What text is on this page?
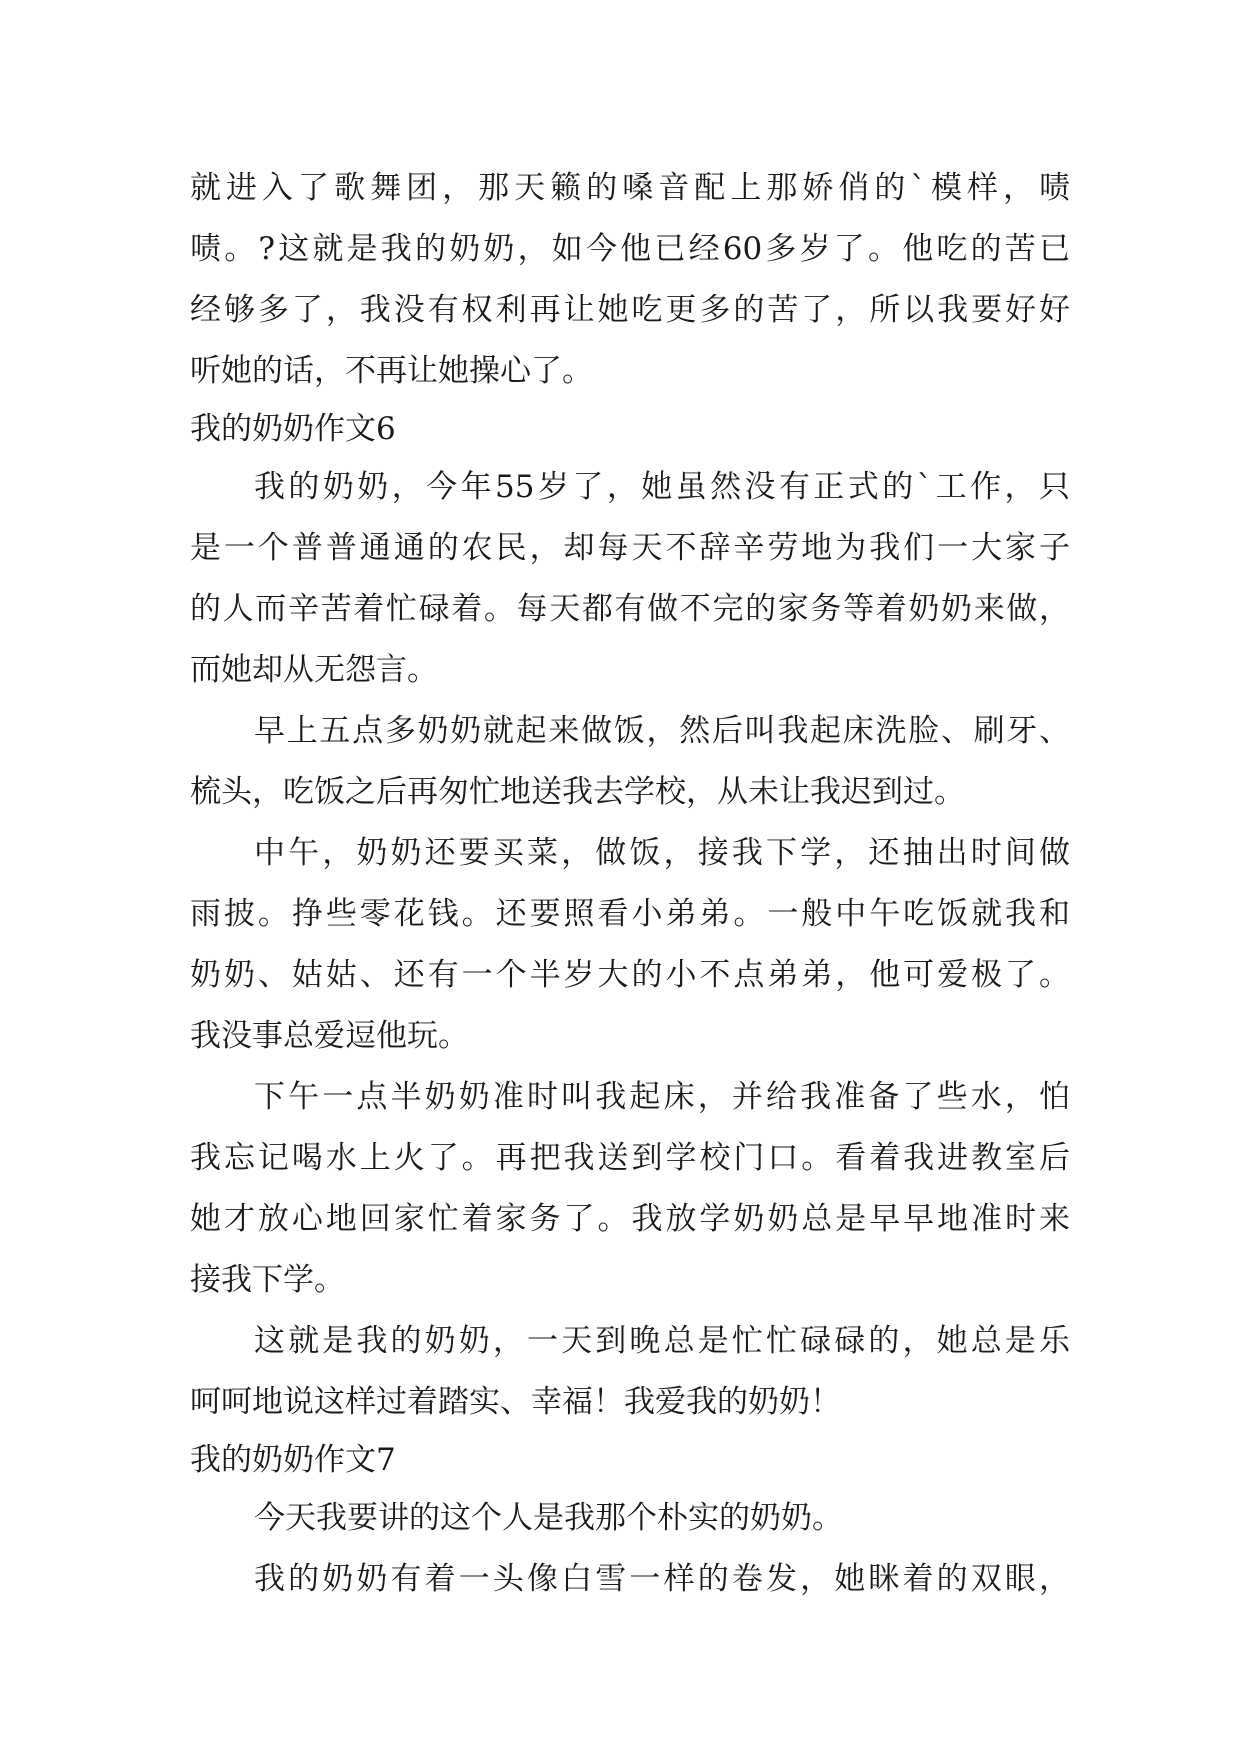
就进入了歌舞团，那天籁的嗓音配上那娇俏的`模样，啧
啧。?这就是我的奶奶，如今他已经60多岁了。他吃的苦已
经够多了，我没有权利再让她吃更多的苦了，所以我要好好
听她的话，不再让她操心了。
我的奶奶作文6
我的奶奶，今年55岁了，她虽然没有正式的`工作，只
是一个普普通通的农民，却每天不辞辛劳地为我们一大家子
的人而辛苦着忙碌着。每天都有做不完的家务等着奶奶来做，
而她却从无怨言。
早上五点多奶奶就起来做饭，然后叫我起床洗脸、刷牙、
梳头，吃饭之后再匆忙地送我去学校，从未让我迟到过。
中午，奶奶还要买菜，做饭，接我下学，还抽出时间做
雨披。挣些零花钱。还要照看小弟弟。一般中午吃饭就我和
奶奶、姑姑、还有一个半岁大的小不点弟弟，他可爱极了。
我没事总爱逗他玩。
下午一点半奶奶准时叫我起床，并给我准备了些水，怕
我忘记喝水上火了。再把我送到学校门口。看着我进教室后
她才放心地回家忙着家务了。我放学奶奶总是早早地准时来
接我下学。
这就是我的奶奶，一天到晚总是忙忙碌碌的，她总是乐
呵呵地说这样过着踏实、幸福！我爱我的奶奶！
我的奶奶作文7
今天我要讲的这个人是我那个朴实的奶奶。
我的奶奶有着一头像白雪一样的卷发，她眯着的双眼，
